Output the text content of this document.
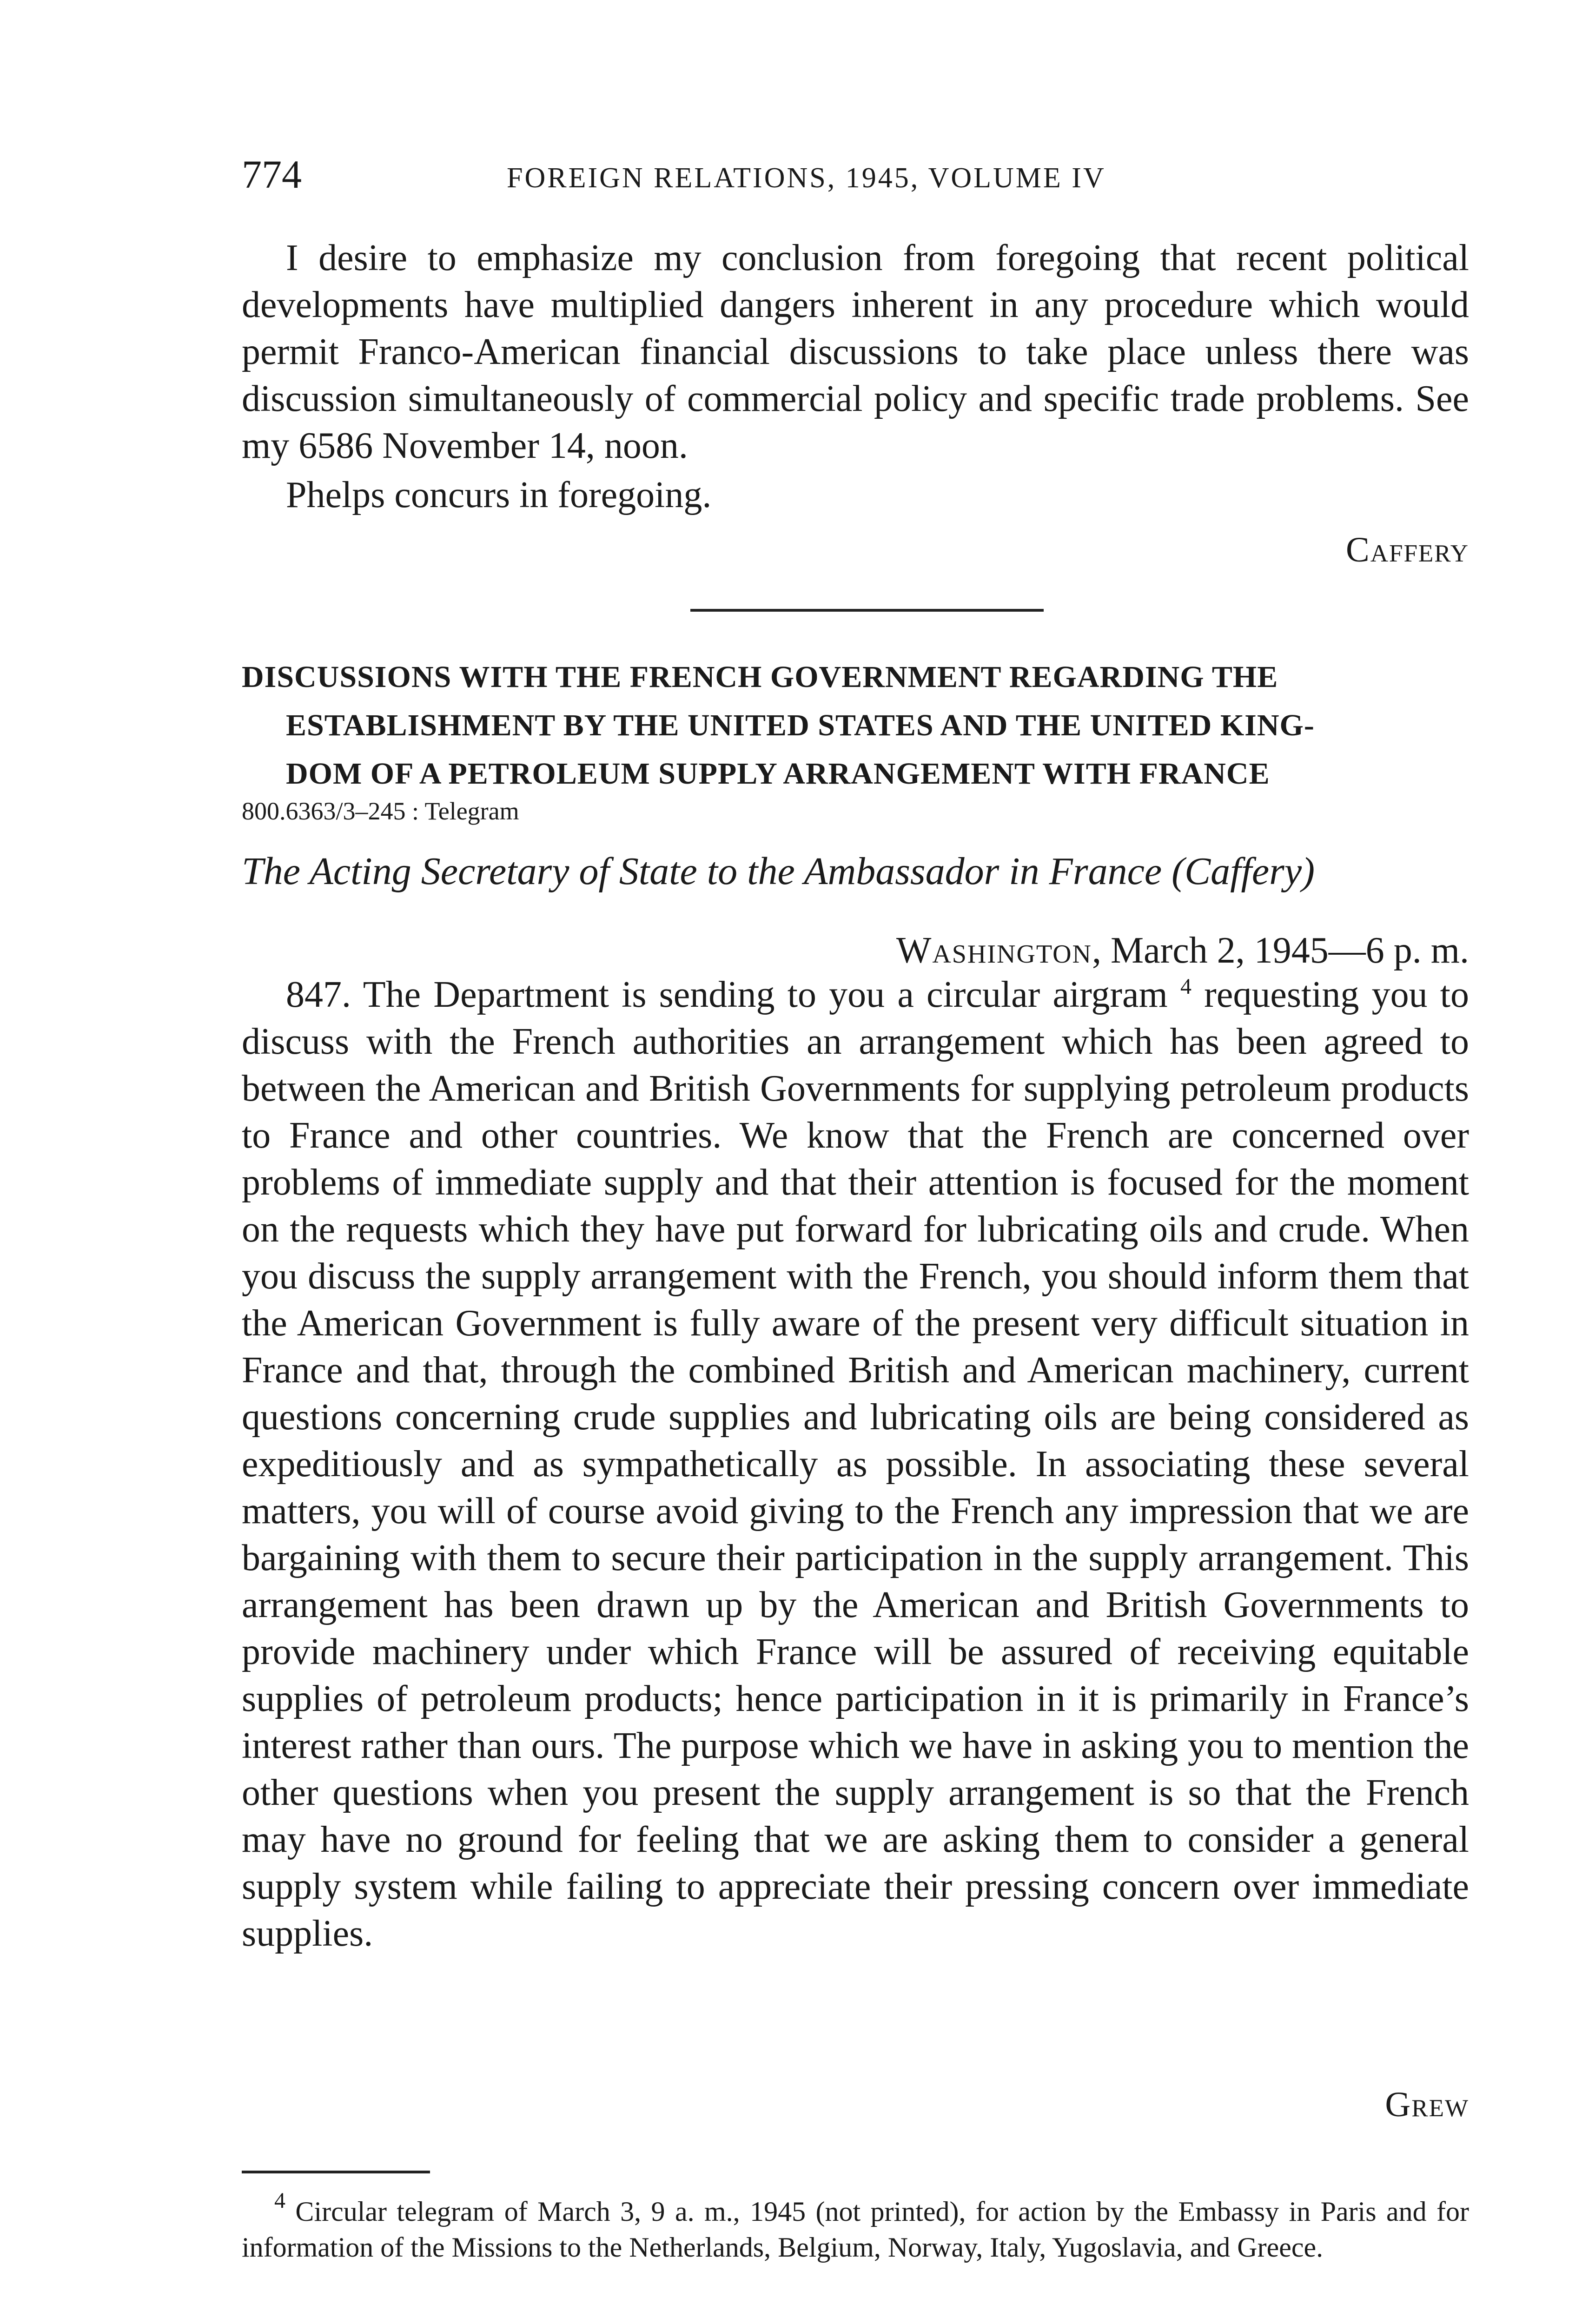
774	FOREIGN RELATIONS, 1945, VOLUME IV

I desire to emphasize my conclusion from foregoing that recent political developments have multiplied dangers inherent in any procedure which would permit Franco-American financial discussions to take place unless there was discussion simultaneously of commercial policy and specific trade problems. See my 6586 November 14, noon.

Phelps concurs in foregoing.

Caffery
DISCUSSIONS WITH THE FRENCH GOVERNMENT REGARDING THE
ESTABLISHMENT BY THE UNITED STATES AND THE UNITED KING-
DOM OF A PETROLEUM SUPPLY ARRANGEMENT WITH FRANCE
800.6363/3–245 : Telegram
The Acting Secretary of State to the Ambassador in France (Caffery)
Washington, March 2, 1945—6 p. m.

847. The Department is sending to you a circular airgram $^4$ requesting you to discuss with the French authorities an arrangement which has been agreed to between the American and British Governments for supplying petroleum products to France and other countries. We know that the French are concerned over problems of immediate supply and that their attention is focused for the moment on the requests which they have put forward for lubricating oils and crude. When you discuss the supply arrangement with the French, you should inform them that the American Government is fully aware of the present very difficult situation in France and that, through the combined British and American machinery, current questions concerning crude supplies and lubricating oils are being considered as expeditiously and as sympathetically as possible. In associating these several matters, you will of course avoid giving to the French any impression that we are bargaining with them to secure their participation in the supply arrangement. This arrangement has been drawn up by the American and British Governments to provide machinery under which France will be assured of receiving equitable supplies of petroleum products; hence participation in it is primarily in France’s interest rather than ours. The purpose which we have in asking you to mention the other questions when you present the supply arrangement is so that the French may have no ground for feeling that we are asking them to consider a general supply system while failing to appreciate their pressing concern over immediate supplies.

Grew

$^4$ Circular telegram of March 3, 9 a. m., 1945 (not printed), for action by the Embassy in Paris and for information of the Missions to the Netherlands, Belgium, Norway, Italy, Yugoslavia, and Greece.
